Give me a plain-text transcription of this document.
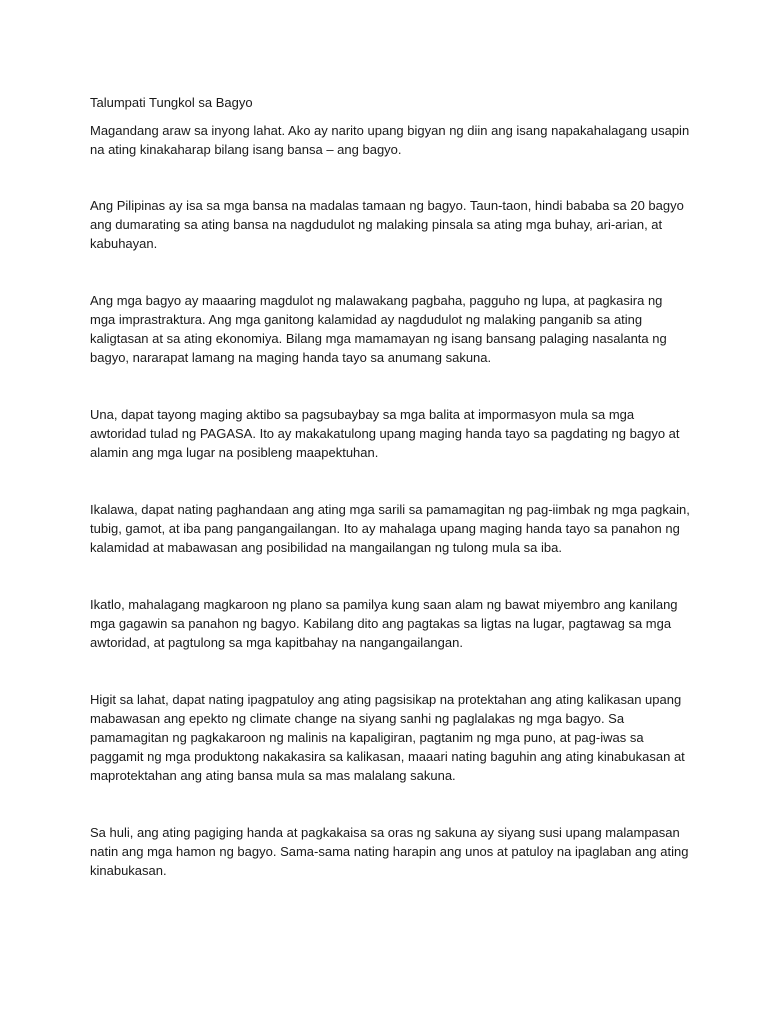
Talumpati Tungkol sa Bagyo

Magandang araw sa inyong lahat. Ako ay narito upang bigyan ng diin ang isang napakahalagang usapin na ating kinakaharap bilang isang bansa – ang bagyo.

Ang Pilipinas ay isa sa mga bansa na madalas tamaan ng bagyo. Taun-taon, hindi bababa sa 20 bagyo ang dumarating sa ating bansa na nagdudulot ng malaking pinsala sa ating mga buhay, ari-arian, at kabuhayan.

Ang mga bagyo ay maaaring magdulot ng malawakang pagbaha, pagguho ng lupa, at pagkasira ng mga imprastraktura. Ang mga ganitong kalamidad ay nagdudulot ng malaking panganib sa ating kaligtasan at sa ating ekonomiya. Bilang mga mamamayan ng isang bansang palaging nasalanta ng bagyo, nararapat lamang na maging handa tayo sa anumang sakuna.

Una, dapat tayong maging aktibo sa pagsubaybay sa mga balita at impormasyon mula sa mga awtoridad tulad ng PAGASA. Ito ay makakatulong upang maging handa tayo sa pagdating ng bagyo at alamin ang mga lugar na posibleng maapektuhan.

Ikalawa, dapat nating paghandaan ang ating mga sarili sa pamamagitan ng pag-iimbak ng mga pagkain, tubig, gamot, at iba pang pangangailangan. Ito ay mahalaga upang maging handa tayo sa panahon ng kalamidad at mabawasan ang posibilidad na mangailangan ng tulong mula sa iba.

Ikatlo, mahalagang magkaroon ng plano sa pamilya kung saan alam ng bawat miyembro ang kanilang mga gagawin sa panahon ng bagyo. Kabilang dito ang pagtakas sa ligtas na lugar, pagtawag sa mga awtoridad, at pagtulong sa mga kapitbahay na nangangailangan.

Higit sa lahat, dapat nating ipagpatuloy ang ating pagsisikap na protektahan ang ating kalikasan upang mabawasan ang epekto ng climate change na siyang sanhi ng paglalakas ng mga bagyo. Sa pamamagitan ng pagkakaroon ng malinis na kapaligiran, pagtanim ng mga puno, at pag-iwas sa paggamit ng mga produktong nakakasira sa kalikasan, maaari nating baguhin ang ating kinabukasan at maprotektahan ang ating bansa mula sa mas malalang sakuna.

Sa huli, ang ating pagiging handa at pagkakaisa sa oras ng sakuna ay siyang susi upang malampasan natin ang mga hamon ng bagyo. Sama-sama nating harapin ang unos at patuloy na ipaglaban ang ating kinabukasan.
